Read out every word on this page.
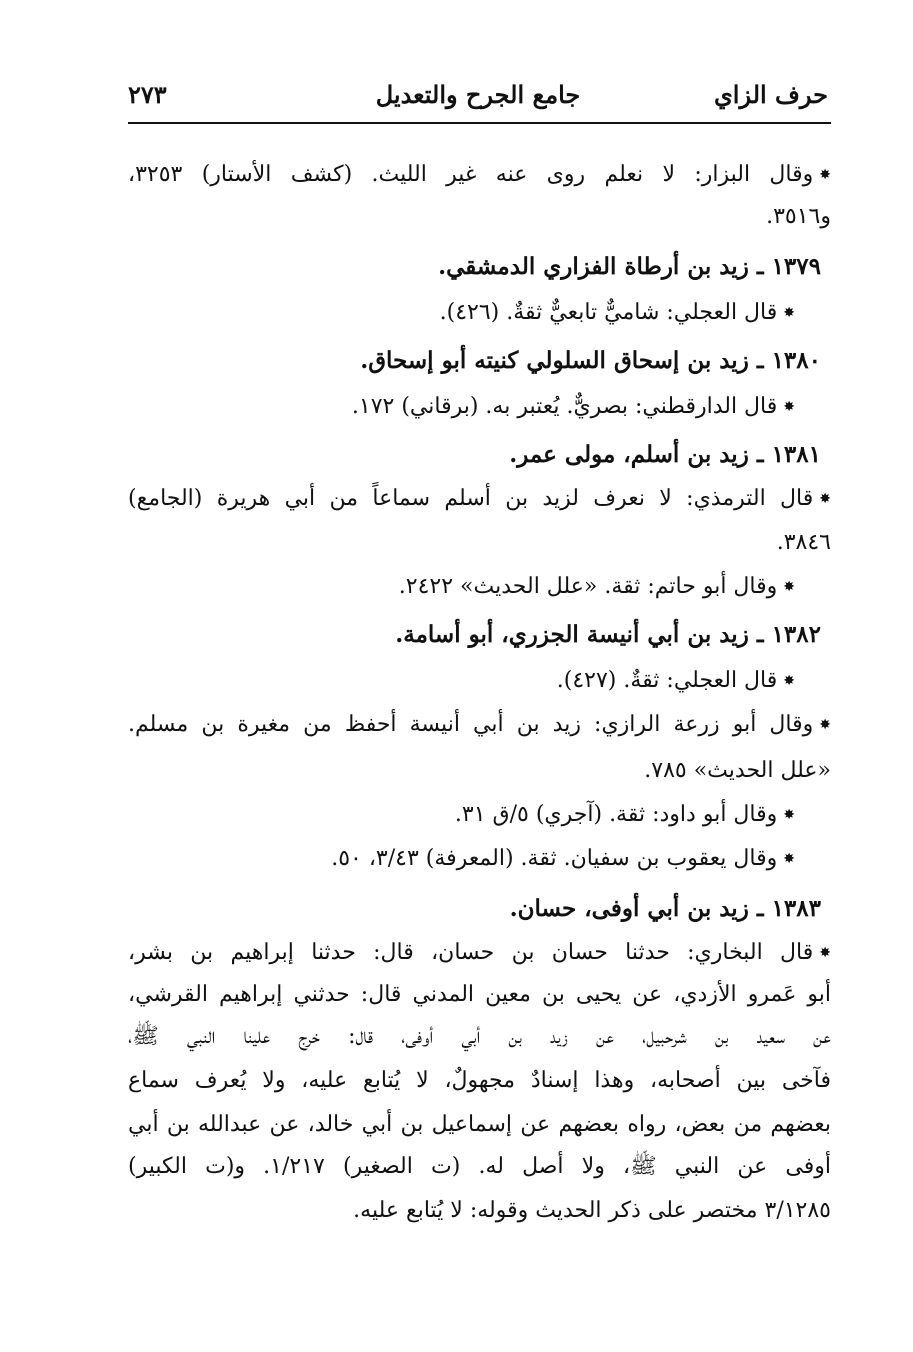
حرف الزاي
جامع الجرح والتعديل
٢٧٣
✸وقال البزار: لا نعلم روى عنه غير الليث. (كشف الأستار) ٣٢٥٣،
و٣٥١٦.
١٣٧٩ ـ زيد بن أرطاة الفزاري الدمشقي.
✸قال العجلي: شاميٌّ تابعيٌّ ثقةٌ. (٤٢٦).
١٣٨٠ ـ زيد بن إسحاق السلولي كنيته أبو إسحاق.
✸قال الدارقطني: بصريٌّ. يُعتبر به. (برقاني) ١٧٢.
١٣٨١ ـ زيد بن أسلم، مولى عمر.
✸قال الترمذي: لا نعرف لزيد بن أسلم سماعاً من أبي هريرة (الجامع)
٣٨٤٦.
✸وقال أبو حاتم: ثقة. «علل الحديث» ٢٤٢٢.
١٣٨٢ ـ زيد بن أبي أنيسة الجزري، أبو أسامة.
✸قال العجلي: ثقةٌ. (٤٢٧).
✸وقال أبو زرعة الرازي: زيد بن أبي أنيسة أحفظ من مغيرة بن مسلم.
«علل الحديث» ٧٨٥.
✸وقال أبو داود: ثقة. (آجري) ٥/ق ٣١.
✸وقال يعقوب بن سفيان. ثقة. (المعرفة) ٣/٤٣، ٥٠.
١٣٨٣ ـ زيد بن أبي أوفى، حسان.
✸قال البخاري: حدثنا حسان بن حسان، قال: حدثنا إبراهيم بن بشر،
أبو عَمرو الأزدي، عن يحيى بن معين المدني قال: حدثني إبراهيم القرشي،
عن سعيد بن شرحبيل، عن زيد بن أبي أوفى، قال: خرج علينا النبي ﷺ،
فآخى بين أصحابه، وهذا إسنادٌ مجهولٌ، لا يُتابع عليه، ولا يُعرف سماع
بعضهم من بعض، رواه بعضهم عن إسماعيل بن أبي خالد، عن عبدالله بن أبي
أوفى عن النبي ﷺ، ولا أصل له. (ت الصغير) ١/٢١٧. و(ت الكبير)
٣/١٢٨٥ مختصر على ذكر الحديث وقوله: لا يُتابع عليه.
